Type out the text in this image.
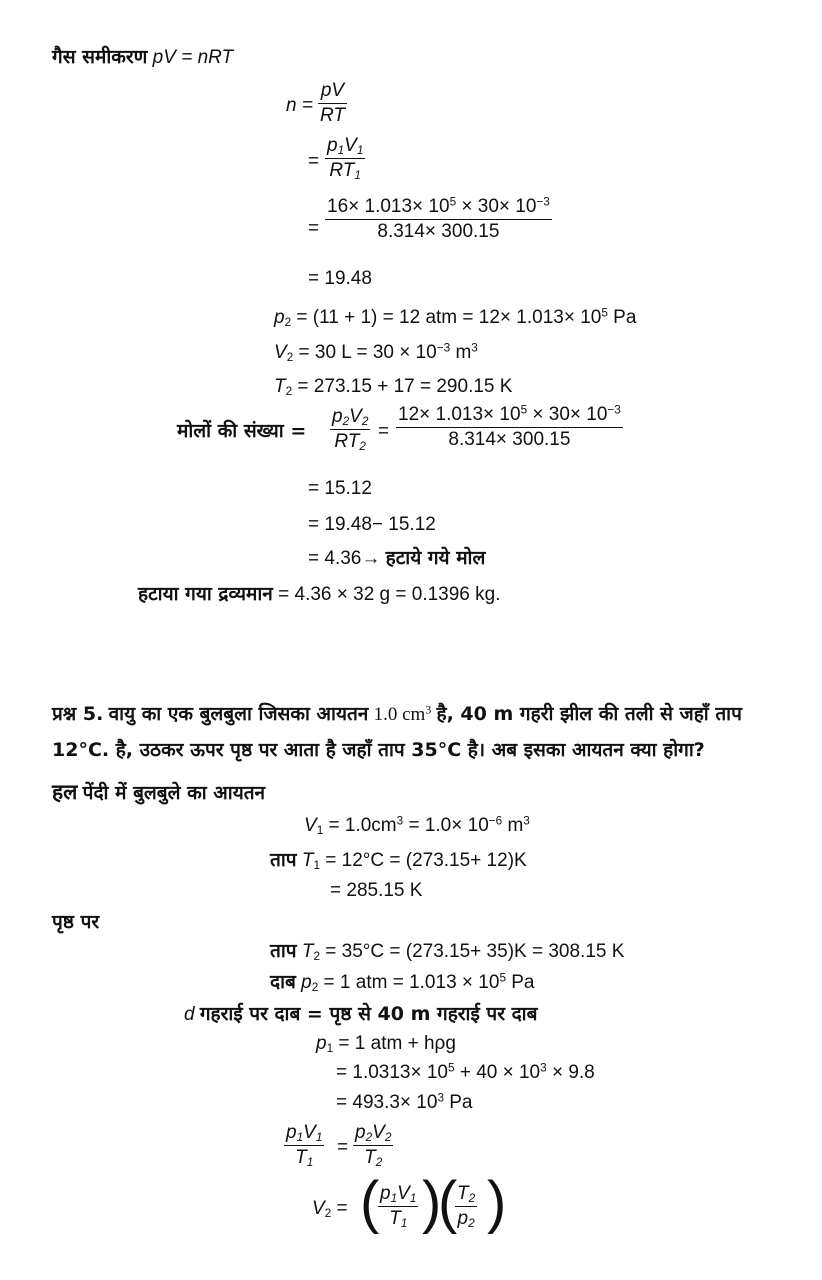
गैस समीकरण pV = nRT
$n = \frac{pV}{RT}$
= $\frac{p_1V_1}{RT_1}$
= $\frac{16\times 1.013\times 10^5 \times 30\times 10^{-3}}{8.314\times 300.15}$
= 19.48
$p_2 = (11 + 1) = 12$ atm = $12\times 1.013\times 10^5$ Pa
$V_2 = 30$ $L = 30 \times 10^{-3}$ $m^3$
$T_2 = 273.15 + 17 = 290.15$ K
मोलों की संख्या = $\frac{p_2V_2}{RT_2} = \frac{12\times 1.013\times 10^5 \times 30\times 10^{-3}}{8.314\times 300.15}$
= 15.12
= 19.48− 15.12
= 4.36→ हटाये गये मोल
हटाया गया द्रव्यमान = 4.36 × 32 g = 0.1396 kg.
प्रश्न 5. वायु का एक बुलबुला जिसका आयतन 1.0 $cm^3$ है, 40 m गहरी झील की तली से जहाँ ताप
12°C. है, उठकर ऊपर पृष्ठ पर आता है जहाँ ताप 35°C है। अब इसका आयतन क्या होगा?
हल पेंदी में बुलबुले का आयतन
$V_1 = 1.0cm^3 = 1.0\times 10^{-6}$ $m^3$
ताप $T_1 = 12^\circ C = (273.15+ 12)K$
= 285.15 K
पृष्ठ पर
ताप $T_2 = 35^\circ C = (273.15+ 35)K = 308.15$ K
दाब $p_2 = 1$ atm = $1.013 \times 10^5$ Pa
d गहराई पर दाब = पृष्ठ से 40 m गहराई पर दाब
$p_1 = 1$ atm + hρg
= $1.0313\times 10^5 + 40 \times 10^3 \times 9.8$
= $493.3\times 10^3$ Pa
$\frac{p_1V_1}{T_1} = \frac{p_2V_2}{T_2}$
$V_2$ = (
$\frac{p_1V_1}{T_1}$ )
(
$\frac{T_2}{p_2}$ )
